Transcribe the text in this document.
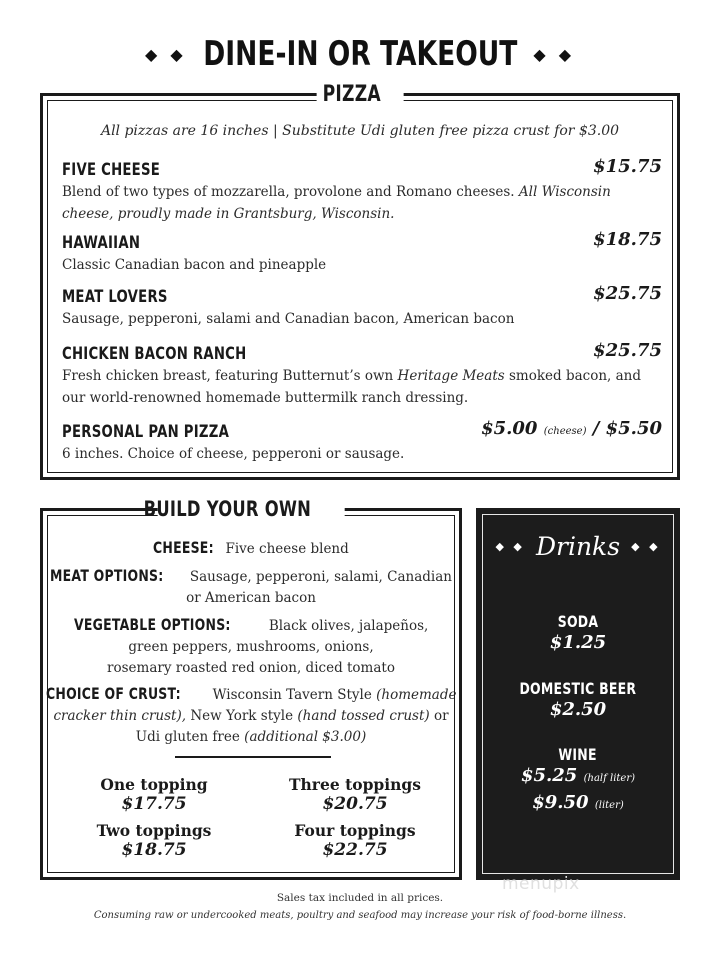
◆ ◆ DINE-IN OR TAKEOUT ◆ ◆
PIZZA
All pizzas are 16 inches | Substitute Udi gluten free pizza crust for $3.00
FIVE CHEESE	$15.75
Blend of two types of mozzarella, provolone and Romano cheeses. All Wisconsin cheese, proudly made in Grantsburg, Wisconsin.
HAWAIIAN	$18.75
Classic Canadian bacon and pineapple
MEAT LOVERS	$25.75
Sausage, pepperoni, salami and Canadian bacon, American bacon
CHICKEN BACON RANCH	$25.75
Fresh chicken breast, featuring Butternut’s own Heritage Meats smoked bacon, and our world-renowned homemade buttermilk ranch dressing.
PERSONAL PAN PIZZA	$5.00 (cheese) / $5.50
6 inches. Choice of cheese, pepperoni or sausage.
BUILD YOUR OWN
CHEESE: Five cheese blend
MEAT OPTIONS: Sausage, pepperoni, salami, Canadian
or American bacon
VEGETABLE OPTIONS:	Black olives, jalapeños,
green peppers, mushrooms, onions,
rosemary roasted red onion, diced tomato
CHOICE OF CRUST: Wisconsin Tavern Style (homemade
cracker thin crust), New York style (hand tossed crust) or
Udi gluten free (additional $3.00)
One topping
$17.75
Three toppings
$20.75
Two toppings
$18.75
Four toppings
$22.75
◆ ◆ Drinks ◆ ◆
SODA
$1.25
DOMESTIC BEER
$2.50
WINE
$5.25 (half liter)
$9.50 (liter)
menupix
Sales tax included in all prices.
Consuming raw or undercooked meats, poultry and seafood may increase your risk of food-borne illness.
